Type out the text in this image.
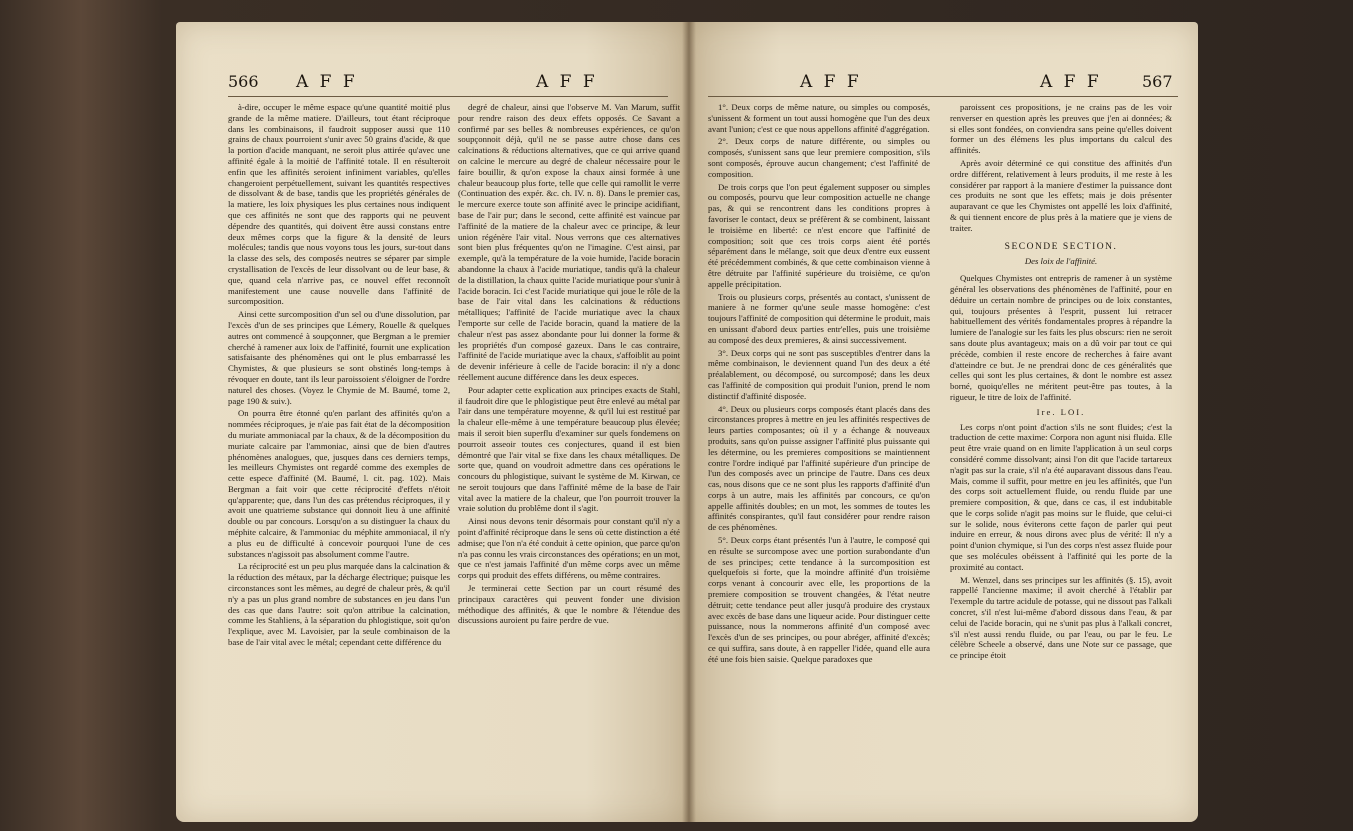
566 A F F	A F F

à-dire, occuper le même espace qu'une quantité moitié plus grande de la même matiere. D'ailleurs, tout étant réciproque dans les combinaisons, il faudroit supposer aussi que 110 grains de chaux pourroient s'unir avec 50 grains d'acide, & que la portion d'acide manquant, ne seroit plus attirée qu'avec une affinité égale à la moitié de l'affinité totale. Il en résulteroit enfin que les affinités seroient infiniment variables, qu'elles changeroient perpétuellement, suivant les quantités respectives de dissolvant & de base, tandis que les propriétés générales de la matiere, les loix physiques les plus certaines nous indiquent que ces affinités ne sont que des rapports qui ne peuvent dépendre des quantités, qui doivent être aussi constans entre deux mêmes corps que la figure & la densité de leurs molécules; tandis que nous voyons tous les jours, sur-tout dans la classe des sels, des composés neutres se séparer par simple crystallisation de l'excès de leur dissolvant ou de leur base, & que, quand cela n'arrive pas, ce nouvel effet reconnoît manifestement une cause nouvelle dans l'affinité de surcomposition.

Ainsi cette surcomposition d'un sel ou d'une dissolution, par l'excès d'un de ses principes que Lémery, Rouelle & quelques autres ont commencé à soupçonner, que Bergman a le premier cherché à ramener aux loix de l'affinité, fournit une explication satisfaisante des phénomènes qui ont le plus embarrassé les Chymistes, & que plusieurs se sont obstinés long-temps à révoquer en doute, tant ils leur paroissoient s'éloigner de l'ordre naturel des choses. (Voyez le Chymie de M. Baumé, tome 2, page 190 & suiv.).

On pourra être étonné qu'en parlant des affinités qu'on a nommées réciproques, je n'aie pas fait état de la décomposition du muriate ammoniacal par la chaux, & de la décomposition du muriate calcaire par l'ammoniac, ainsi que de bien d'autres phénomènes analogues, que, jusques dans ces derniers temps, les meilleurs Chymistes ont regardé comme des exemples de cette espece d'affinité (M. Baumé, l. cit. pag. 102). Mais Bergman a fait voir que cette réciprocité d'effets n'étoit qu'apparente; que, dans l'un des cas prétendus réciproques, il y avoit une quatrieme substance qui donnoit lieu à une affinité double ou par concours. Lorsqu'on a su distinguer la chaux du méphite calcaire, & l'ammoniac du méphite ammoniacal, il n'y a plus eu de difficulté à concevoir pourquoi l'une de ces substances n'agissoit pas absolument comme l'autre.

La réciprocité est un peu plus marquée dans la calcination & la réduction des métaux, par la décharge électrique; puisque les circonstances sont les mêmes, au degré de chaleur près, & qu'il n'y a pas un plus grand nombre de substances en jeu dans l'un des cas que dans l'autre: soit qu'on attribue la calcination, comme les Stahliens, à la séparation du phlogistique, soit qu'on l'explique, avec M. Lavoisier, par la seule combinaison de la base de l'air vital avec le métal; cependant cette différence du

degré de chaleur, ainsi que l'observe M. Van Marum, suffit pour rendre raison des deux effets opposés. Ce Savant a confirmé par ses belles & nombreuses expériences, ce qu'on soupçonnoit déjà, qu'il ne se passe autre chose dans ces calcinations & réductions alternatives, que ce qui arrive quand on calcine le mercure au degré de chaleur nécessaire pour le faire bouillir, & qu'on expose la chaux ainsi formée à une chaleur beaucoup plus forte, telle que celle qui ramollit le verre (Continuation des expér. &c. ch. IV. n. 8). Dans le premier cas, le mercure exerce toute son affinité avec le principe acidifiant, base de l'air pur; dans le second, cette affinité est vaincue par l'affinité de la matiere de la chaleur avec ce principe, & leur union régénère l'air vital. Nous verrons que ces alternatives sont bien plus fréquentes qu'on ne l'imagine. C'est ainsi, par exemple, qu'à la température de la voie humide, l'acide boracin abandonne la chaux à l'acide muriatique, tandis qu'à la chaleur de la distillation, la chaux quitte l'acide muriatique pour s'unir à l'acide boracin. Ici c'est l'acide muriatique qui joue le rôle de la base de l'air vital dans les calcinations & réductions métalliques; l'affinité de l'acide muriatique avec la chaux l'emporte sur celle de l'acide boracin, quand la matiere de la chaleur n'est pas assez abondante pour lui donner la forme & les propriétés d'un composé gazeux. Dans le cas contraire, l'affinité de l'acide muriatique avec la chaux, s'affoiblit au point de devenir inférieure à celle de l'acide boracin: il n'y a donc réellement aucune différence dans les deux especes.

Pour adapter cette explication aux principes exacts de Stahl, il faudroit dire que le phlogistique peut être enlevé au métal par l'air dans une température moyenne, & qu'il lui est restitué par la chaleur elle-même à une température beaucoup plus élevée; mais il seroit bien superflu d'examiner sur quels fondemens on pourroit asseoir toutes ces conjectures, quand il est bien démontré que l'air vital se fixe dans les chaux métalliques. De sorte que, quand on voudroit admettre dans ces opérations le concours du phlogistique, suivant le système de M. Kirwan, ce ne seroit toujours que dans l'affinité même de la base de l'air vital avec la matiere de la chaleur, que l'on pourroit trouver la vraie solution du problême dont il s'agit.

Ainsi nous devons tenir désormais pour constant qu'il n'y a point d'affinité réciproque dans le sens où cette distinction a été admise; que l'on n'a été conduit à cette opinion, que parce qu'on n'a pas connu les vrais circonstances des opérations; en un mot, que ce n'est jamais l'affinité d'un même corps avec un même corps qui produit des effets différens, ou même contraires.

Je terminerai cette Section par un court résumé des principaux caractères qui peuvent fonder une division méthodique des affinités, & que le nombre & l'étendue des discussions auroient pu faire perdre de vue.

A F F	A F F	567

1°. Deux corps de même nature, ou simples ou composés, s'unissent & forment un tout aussi homogène que l'un des deux avant l'union; c'est ce que nous appellons affinité d'aggrégation.

2°. Deux corps de nature différente, ou simples ou composés, s'unissent sans que leur premiere composition, s'ils sont composés, éprouve aucun changement; c'est l'affinité de composition.

De trois corps que l'on peut également supposer ou simples ou composés, pourvu que leur composition actuelle ne change pas, & qui se rencontrent dans les conditions propres à favoriser le contact, deux se préfèrent & se combinent, laissant le troisième en liberté: ce n'est encore que l'affinité de composition; soit que ces trois corps aient été portés séparément dans le mélange, soit que deux d'entre eux eussent été précédemment combinés, & que cette combinaison vienne à être détruite par l'affinité supérieure du troisième, ce qu'on appelle précipitation.

Trois ou plusieurs corps, présentés au contact, s'unissent de maniere à ne former qu'une seule masse homogène: c'est toujours l'affinité de composition qui détermine le produit, mais en unissant d'abord deux parties entr'elles, puis une troisième au composé des deux premieres, & ainsi successivement.

3°. Deux corps qui ne sont pas susceptibles d'entrer dans la même combinaison, le deviennent quand l'un des deux a été préalablement, ou décomposé, ou surcomposé; dans les deux cas l'affinité de composition qui produit l'union, prend le nom distinctif d'affinité disposée.

4°. Deux ou plusieurs corps composés étant placés dans des circonstances propres à mettre en jeu les affinités respectives de leurs parties composantes; où il y a échange & nouveaux produits, sans qu'on puisse assigner l'affinité plus puissante qui les détermine, ou les premieres compositions se maintiennent contre l'ordre indiqué par l'affinité supérieure d'un principe de l'un des composés avec un principe de l'autre. Dans ces deux cas, nous disons que ce ne sont plus les rapports d'affinité d'un corps à un autre, mais les affinités par concours, ce qu'on appelle affinités doubles; en un mot, les sommes de toutes les affinités conspirantes, qu'il faut considérer pour rendre raison de ces phénomènes.

5°. Deux corps étant présentés l'un à l'autre, le composé qui en résulte se surcompose avec une portion surabondante d'un de ses principes; cette tendance à la surcomposition est quelquefois si forte, que la moindre affinité d'un troisième corps venant à concourir avec elle, les proportions de la premiere composition se trouvent changées, & l'état neutre détruit; cette tendance peut aller jusqu'à produire des crystaux avec excès de base dans une liqueur acide. Pour distinguer cette puissance, nous la nommerons affinité d'un composé avec l'excès d'un de ses principes, ou pour abréger, affinité d'excès; ce qui suffira, sans doute, à en rappeller l'idée, quand elle aura été une fois bien saisie. Quelque paradoxes que

paroissent ces propositions, je ne crains pas de les voir renverser en question après les preuves que j'en ai données; & si elles sont fondées, on conviendra sans peine qu'elles doivent former un des élémens les plus importans du calcul des affinités.

Après avoir déterminé ce qui constitue des affinités d'un ordre différent, relativement à leurs produits, il me reste à les considérer par rapport à la maniere d'estimer la puissance dont ces produits ne sont que les effets; mais je dois présenter auparavant ce que les Chymistes ont appellé les loix d'affinité, & qui tiennent encore de plus près à la matiere que je viens de traiter.

SECONDE SECTION.

Des loix de l'affinité.

Quelques Chymistes ont entrepris de ramener à un système général les observations des phénomènes de l'affinité, pour en déduire un certain nombre de principes ou de loix constantes, qui, toujours présentes à l'esprit, pussent lui retracer habituellement des vérités fondamentales propres à répandre la lumiere de l'analogie sur les faits les plus obscurs: rien ne seroit sans doute plus avantageux; mais on a dû voir par tout ce qui précède, combien il reste encore de recherches à faire avant d'atteindre ce but. Je ne prendrai donc de ces généralités que celles qui sont les plus certaines, & dont le nombre est assez borné, quoiqu'elles ne méritent peut-être pas toutes, à la rigueur, le titre de loix de l'affinité.

Ire. LOI.

Les corps n'ont point d'action s'ils ne sont fluides; c'est la traduction de cette maxime: Corpora non agunt nisi fluida. Elle peut être vraie quand on en limite l'application à un seul corps considéré comme dissolvant; ainsi l'on dit que l'acide tartareux n'agit pas sur la craie, s'il n'a été auparavant dissous dans l'eau. Mais, comme il suffit, pour mettre en jeu les affinités, que l'un des corps soit actuellement fluide, ou rendu fluide par une premiere composition, & que, dans ce cas, il est indubitable que le corps solide n'agit pas moins sur le fluide, que celui-ci sur le solide, nous éviterons cette façon de parler qui peut induire en erreur, & nous dirons avec plus de vérité: Il n'y a point d'union chymique, si l'un des corps n'est assez fluide pour que ses molécules obéissent à l'affinité qui les porte de la proximité au contact.

M. Wenzel, dans ses principes sur les affinités (§. 15), avoit rappellé l'ancienne maxime; il avoit cherché à l'établir par l'exemple du tartre acidule de potasse, qui ne dissout pas l'alkali concret, s'il n'est lui-même d'abord dissous dans l'eau, & par celui de l'acide boracin, qui ne s'unit pas plus à l'alkali concret, s'il n'est aussi rendu fluide, ou par l'eau, ou par le feu. Le célèbre Scheele a observé, dans une Note sur ce passage, que ce principe étoit
